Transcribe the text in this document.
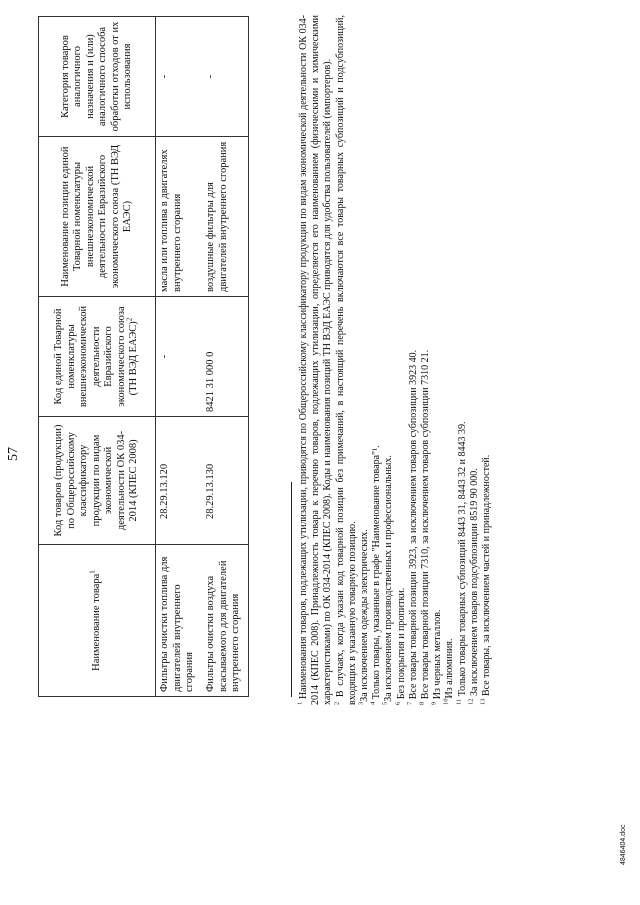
57
Наименование товара$^1$	Код товаров (продукции) по Общероссийскому классификатору продукции по видам экономической деятельности ОК 034-2014 (КПЕС 2008)	Код единой Товарной номенклатуры внешнеэкономической деятельности Евразийского экономического союза (ТН ВЭД ЕАЭС)$^2$	Наименование позиции единой Товарной номенклатуры внешнеэкономической деятельности Евразийского экономического союза (ТН ВЭД ЕАЭС)	Категория товаров аналогичного назначения и (или) аналогичного способа обработки отходов от их использования
Фильтры очистки топлива для двигателей внутреннего сгорания	28.29.13.120	-	масла или топлива в двигателях внутреннего сгорания	-
Фильтры очистки воздуха всасываемого для двигателей внутреннего сгорания	28.29.13.130	8421 31 000 0	воздушные фильтры для двигателей внутреннего сгорания	-

$^1$ Наименования товаров, подлежащих утилизации, приводятся по Общероссийскому классификатору продукции по видам экономической деятельности ОК 034-2014 (КПЕС 2008). Принадлежность товара к перечню товаров, подлежащих утилизации, определяется его наименованием (физическими и химическими характеристиками) по ОК 034-2014 (КПЕС 2008). Коды и наименования позиций ТН ВЭД ЕАЭС приводятся для удобства пользователей (импортеров). $^2$ В случаях, когда указан код товарной позиции без примечаний, в настоящий перечень включаются все товары товарных субпозиций и подсубпозиций, входящих в указанную товарную позицию. $^3$За исключением одежды электрических.

$^4$ Только товары, указанные в графе "Наименование товара"¹.

$^5$За исключением производственных и профессиональных.

$^6$ Без покрытия и пропитки.

$^7$ Все товары товарной позиции 3923, за исключением товаров субпозиции 3923 40.

$^8$ Все товары товарной позиции 7310, за исключением товаров субпозиции 7310 21.

$^9$ Из черных металлов.

$^{10}$Из алюминия.

$^{11}$ Только товары товарных субпозиций 8443 31, 8443 32 и 8443 39.

$^{12}$ За исключением товаров подсубпозиции 8519 90 000.

$^{13}$ Все товары, за исключением частей и принадлежностей.

4846404.doc
